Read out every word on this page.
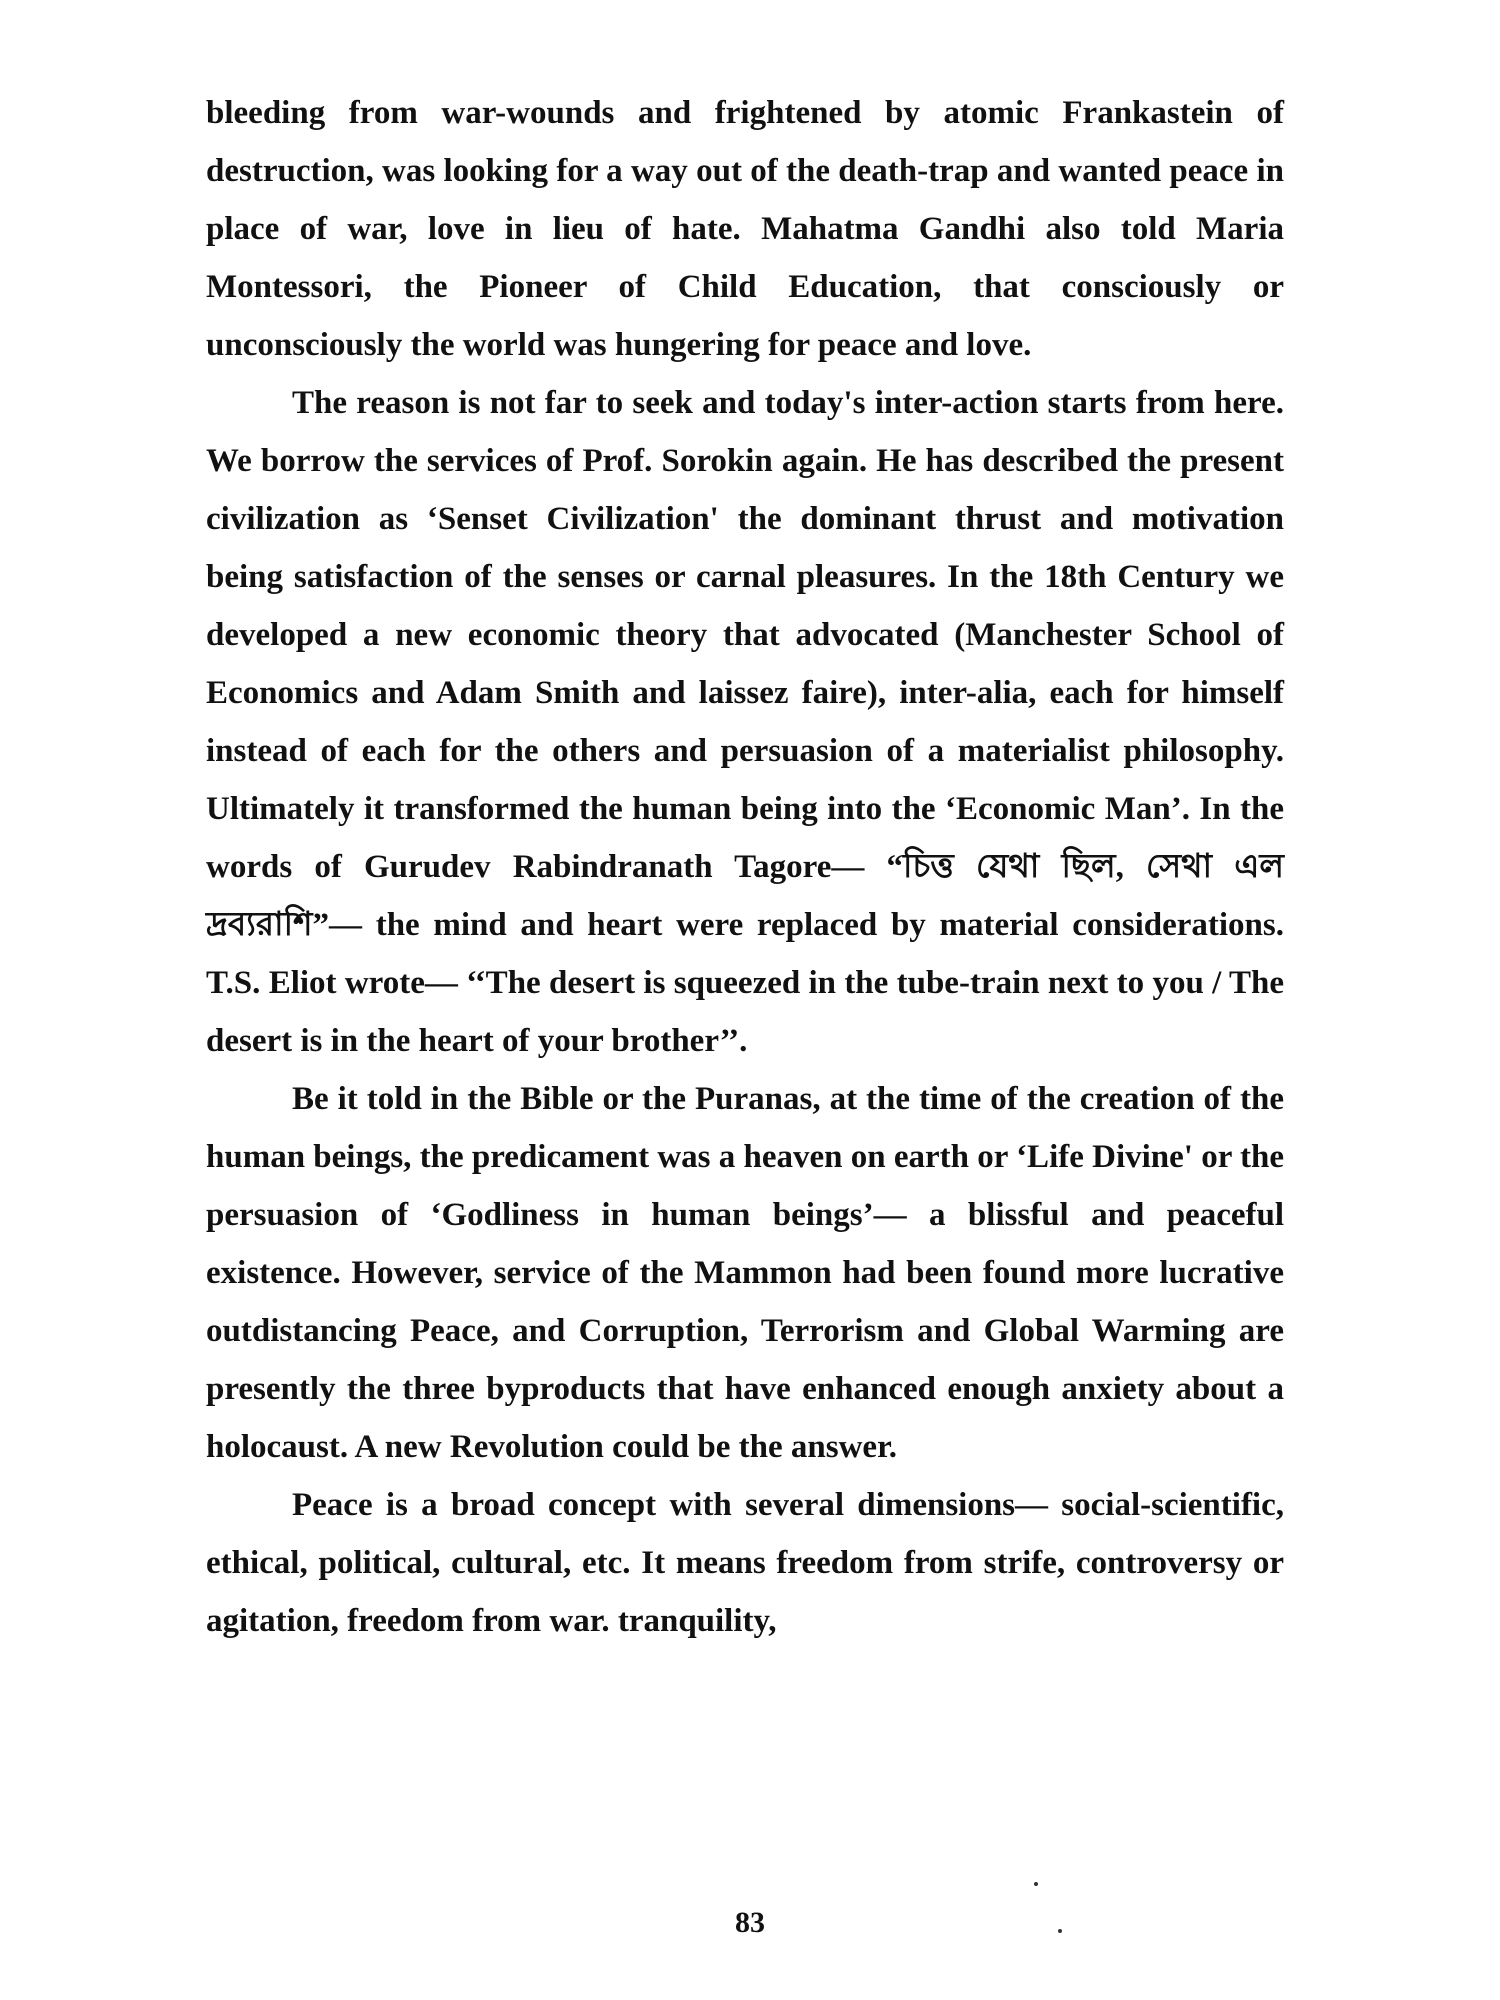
bleeding from war-wounds and frightened by atomic Frankastein of destruction, was looking for a way out of the death-trap and wanted peace in place of war, love in lieu of hate. Mahatma Gandhi also told Maria Montessori, the Pioneer of Child Education, that consciously or unconsciously the world was hungering for peace and love.

The reason is not far to seek and today's inter-action starts from here. We borrow the services of Prof. Sorokin again. He has described the present civilization as ‘Senset Civilization' the dominant thrust and motivation being satisfaction of the senses or carnal pleasures. In the 18th Century we developed a new economic theory that advocated (Manchester School of Economics and Adam Smith and laissez faire), inter-alia, each for himself instead of each for the others and persuasion of a materialist philosophy. Ultimately it transformed the human being into the ‘Economic Man’. In the words of Gurudev Rabindranath Tagore— “চিত্ত যেথা ছিল, সেথা এল দ্রব্যরাশি”— the mind and heart were replaced by material considerations. T.S. Eliot wrote— ‘‘The desert is squeezed in the tube-train next to you / The desert is in the heart of your brother’’.

Be it told in the Bible or the Puranas, at the time of the creation of the human beings, the predicament was a heaven on earth or ‘Life Divine' or the persuasion of ‘Godliness in human beings’— a blissful and peaceful existence. However, service of the Mammon had been found more lucrative outdistancing Peace, and Corruption, Terrorism and Global Warming are presently the three byproducts that have enhanced enough anxiety about a holocaust. A new Revolution could be the answer.

Peace is a broad concept with several dimensions— social-scientific, ethical, political, cultural, etc. It means freedom from strife, controversy or agitation, freedom from war. tranquility,

83
